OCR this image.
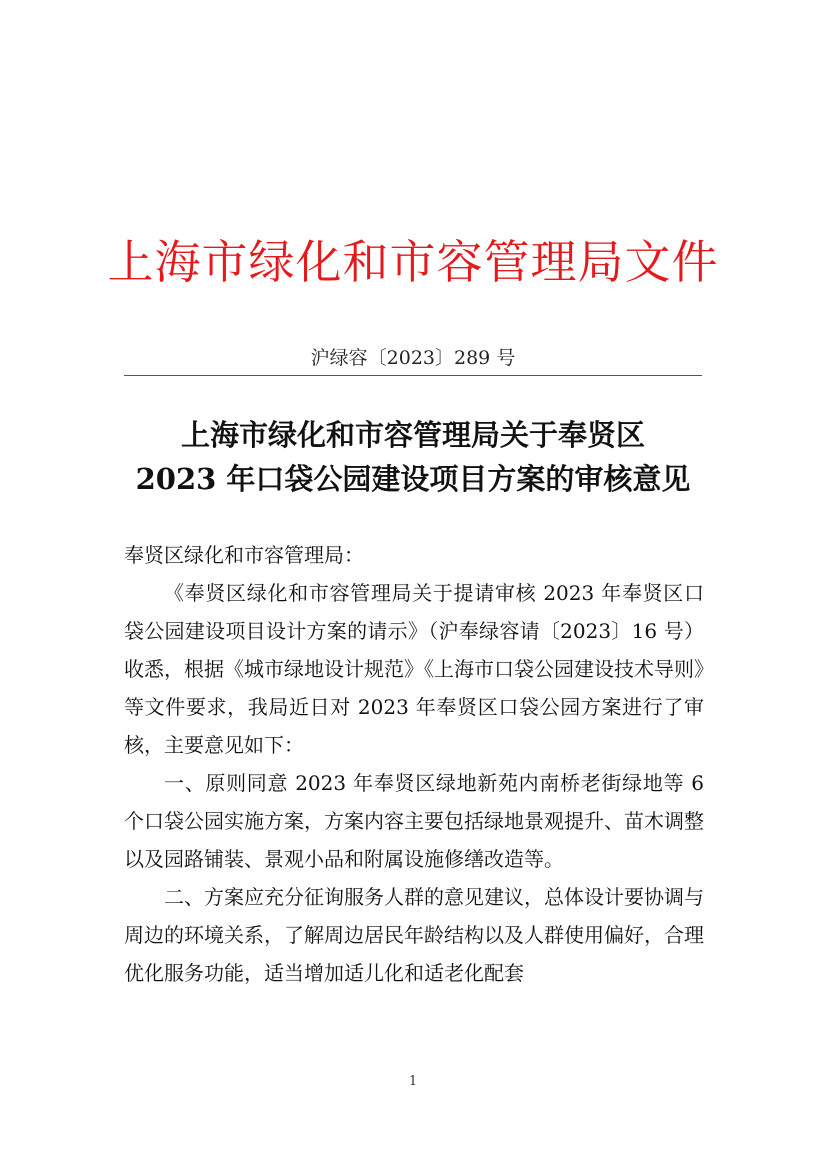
上海市绿化和市容管理局文件
沪绿容〔2023〕289 号
上海市绿化和市容管理局关于奉贤区
2023 年口袋公园建设项目方案的审核意见

奉贤区绿化和市容管理局：

《奉贤区绿化和市容管理局关于提请审核 2023 年奉贤区口袋公园建设项目设计方案的请示》（沪奉绿容请〔2023〕16 号）收悉，根据《城市绿地设计规范》《上海市口袋公园建设技术导则》等文件要求，我局近日对 2023 年奉贤区口袋公园方案进行了审核，主要意见如下：

一、原则同意 2023 年奉贤区绿地新苑内南桥老街绿地等 6 个口袋公园实施方案，方案内容主要包括绿地景观提升、苗木调整以及园路铺装、景观小品和附属设施修缮改造等。

二、方案应充分征询服务人群的意见建议，总体设计要协调与周边的环境关系，了解周边居民年龄结构以及人群使用偏好，合理优化服务功能，适当增加适儿化和适老化配套

1
